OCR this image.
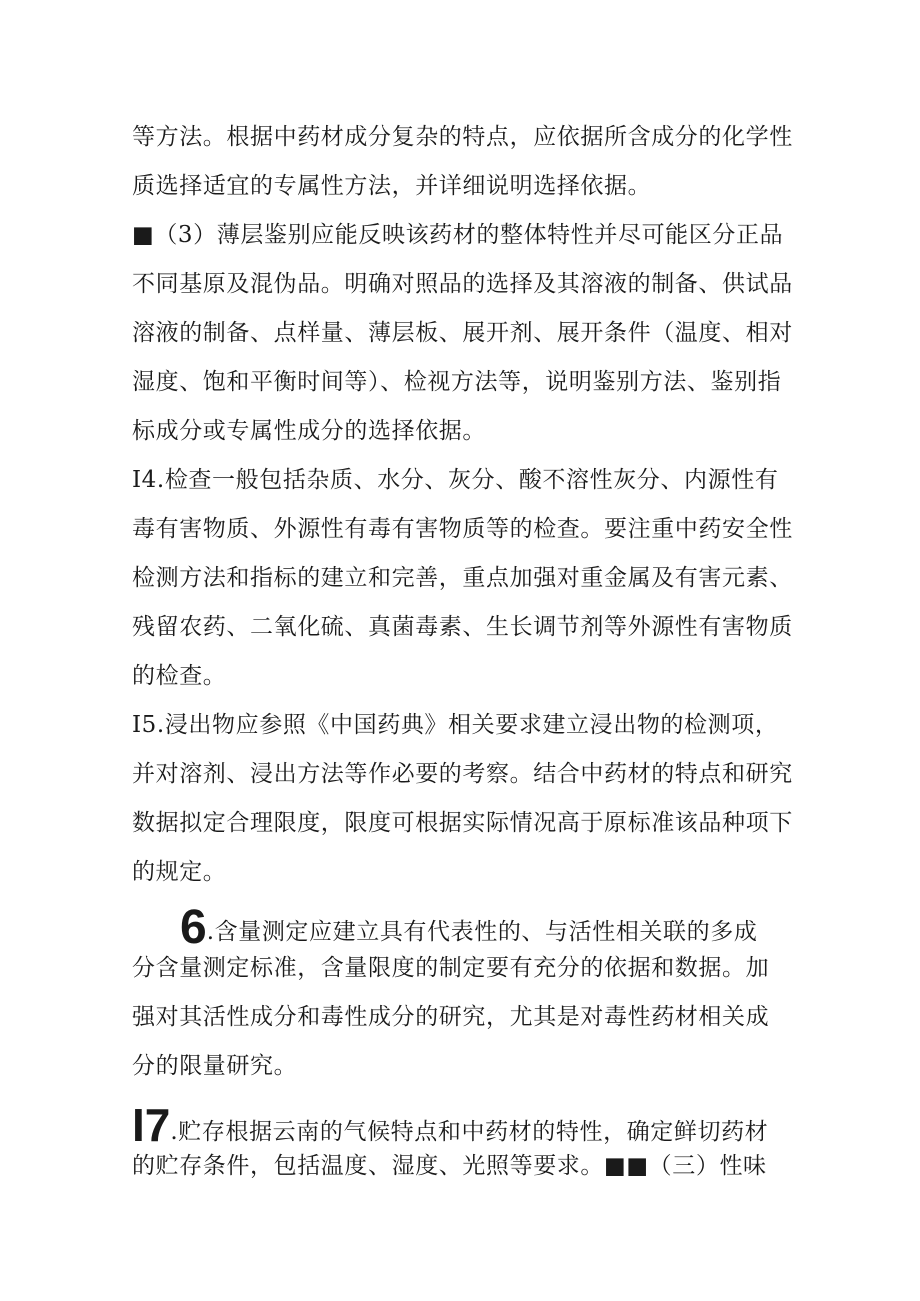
等方法。根据中药材成分复杂的特点，应依据所含成分的化学性
质选择适宜的专属性方法，并详细说明选择依据。
■（3）薄层鉴别应能反映该药材的整体特性并尽可能区分正品
不同基原及混伪品。明确对照品的选择及其溶液的制备、供试品
溶液的制备、点样量、薄层板、展开剂、展开条件（温度、相对
湿度、饱和平衡时间等）、检视方法等，说明鉴别方法、鉴别指
标成分或专属性成分的选择依据。
I4.检查一般包括杂质、水分、灰分、酸不溶性灰分、内源性有
毒有害物质、外源性有毒有害物质等的检查。要注重中药安全性
检测方法和指标的建立和完善，重点加强对重金属及有害元素、
残留农药、二氧化硫、真菌毒素、生长调节剂等外源性有害物质
的检查。
I5.浸出物应参照《中国药典》相关要求建立浸出物的检测项，
并对溶剂、浸出方法等作必要的考察。结合中药材的特点和研究
数据拟定合理限度，限度可根据实际情况高于原标准该品种项下
的规定。
6.含量测定应建立具有代表性的、与活性相关联的多成
分含量测定标准，含量限度的制定要有充分的依据和数据。加
强对其活性成分和毒性成分的研究，尤其是对毒性药材相关成
分的限量研究。
I7.贮存根据云南的气候特点和中药材的特性，确定鲜切药材
的贮存条件，包括温度、湿度、光照等要求。■■（三）性味
